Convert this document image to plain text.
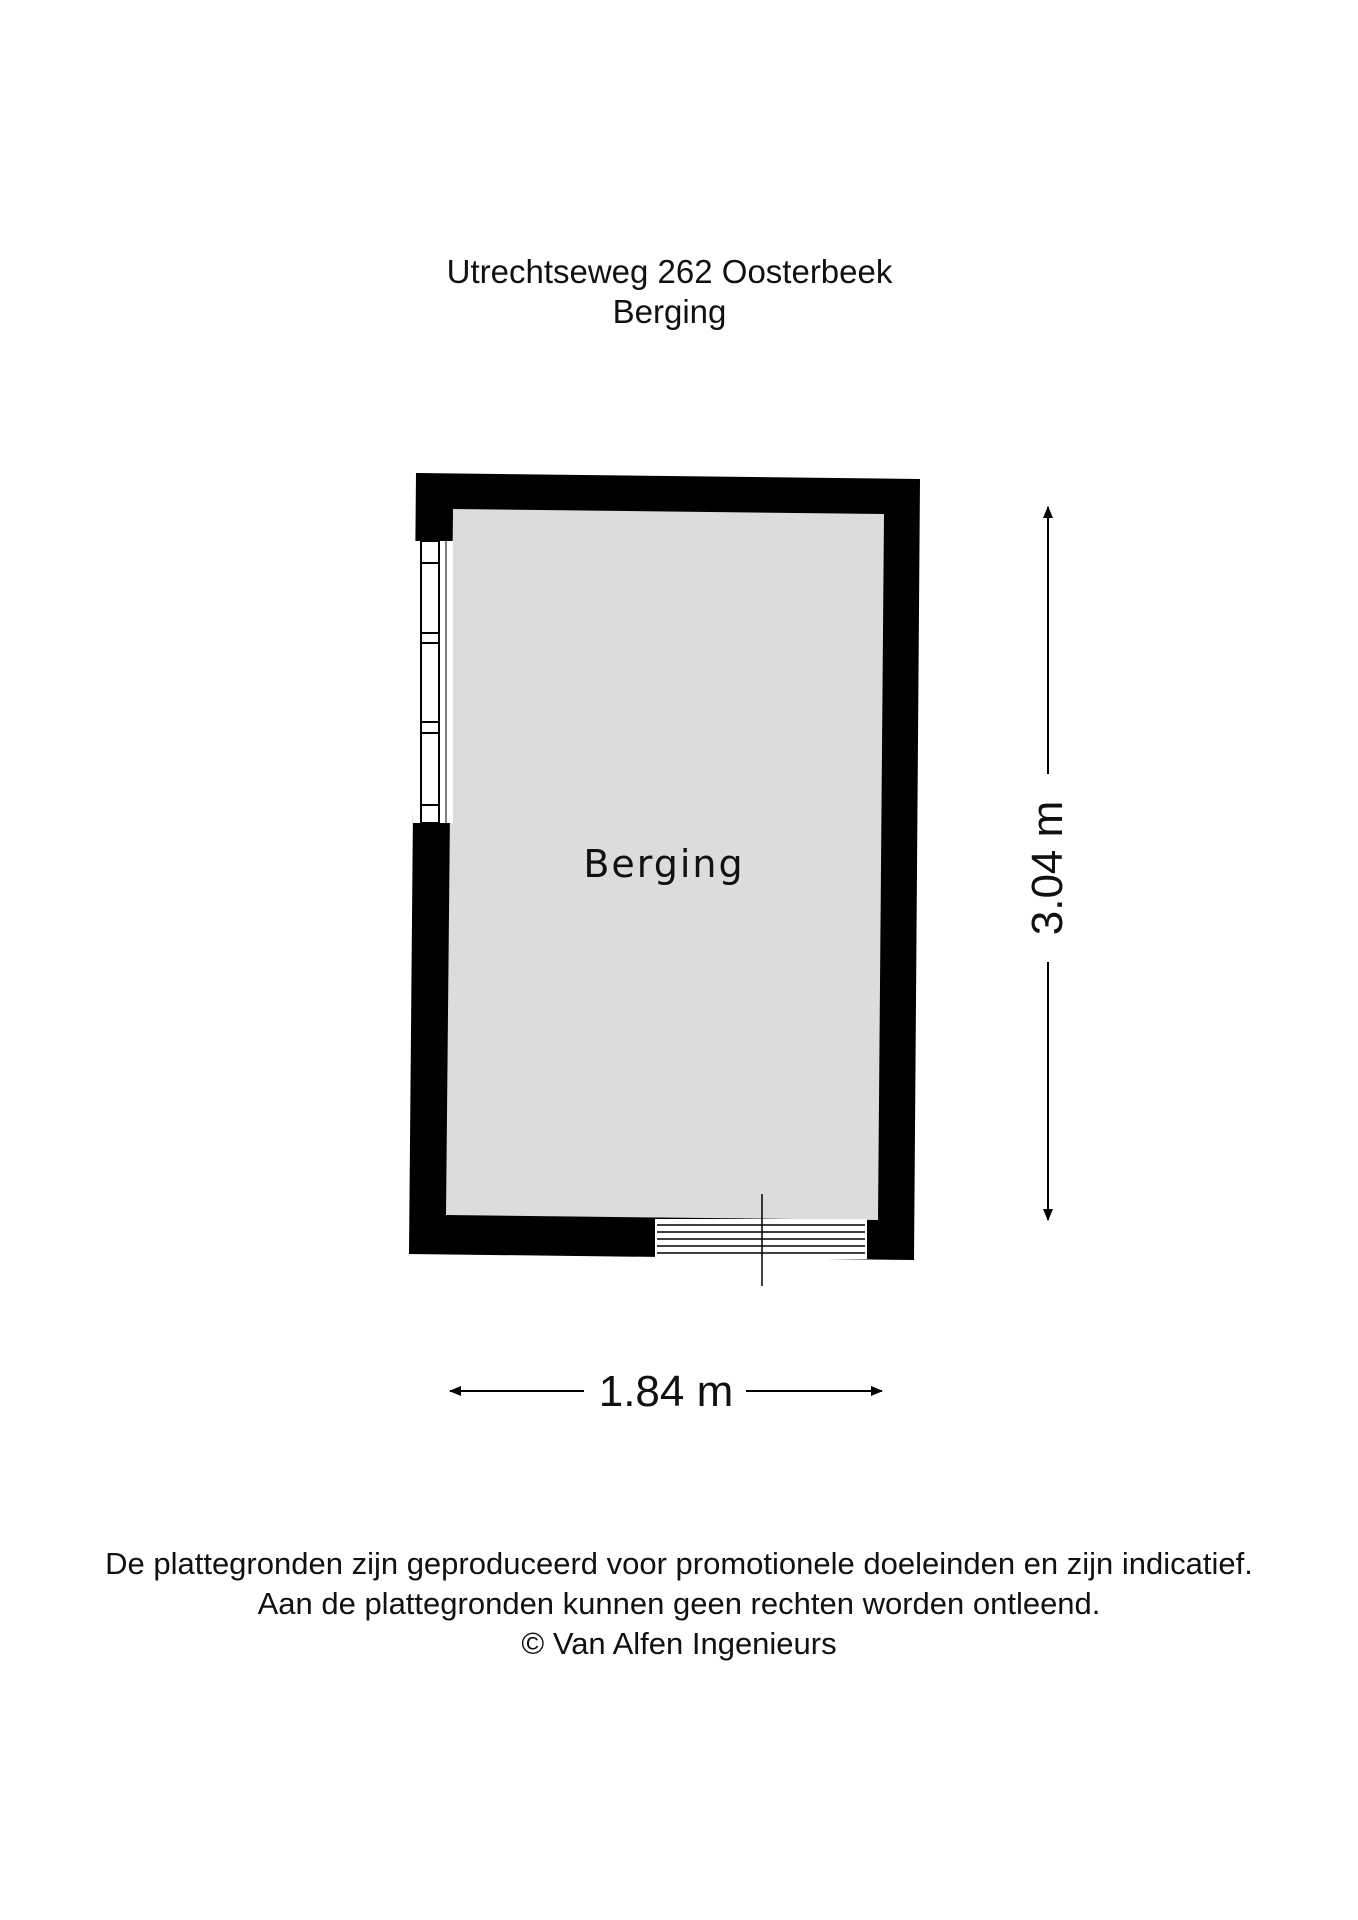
Utrechtseweg 262 Oosterbeek
Berging
Berging	3.04 m
1.84 m
De plattegronden zijn geproduceerd voor promotionele doeleinden en zijn indicatief.
Aan de plattegronden kunnen geen rechten worden ontleend.
© Van Alfen Ingenieurs
